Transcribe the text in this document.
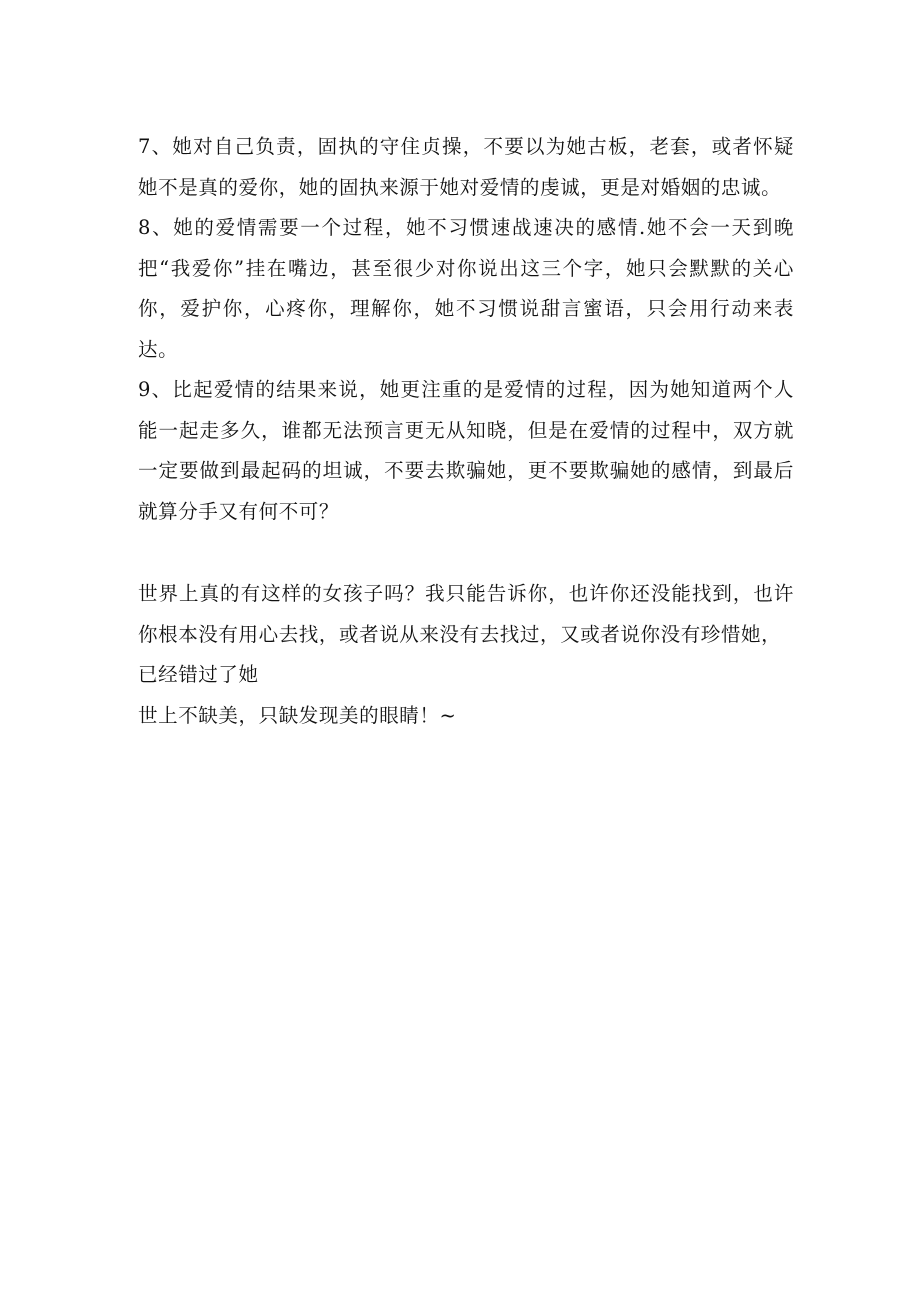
7、她对自己负责，固执的守住贞操，不要以为她古板，老套，或者怀疑她不是真的爱你，她的固执来源于她对爱情的虔诚，更是对婚姻的忠诚。

8、她的爱情需要一个过程，她不习惯速战速决的感情.她不会一天到晚把“我爱你”挂在嘴边，甚至很少对你说出这三个字，她只会默默的关心你，爱护你，心疼你，理解你，她不习惯说甜言蜜语，只会用行动来表达。

9、比起爱情的结果来说，她更注重的是爱情的过程，因为她知道两个人能一起走多久，谁都无法预言更无从知晓，但是在爱情的过程中，双方就一定要做到最起码的坦诚，不要去欺骗她，更不要欺骗她的感情，到最后就算分手又有何不可？

世界上真的有这样的女孩子吗？我只能告诉你，也许你还没能找到，也许你根本没有用心去找，或者说从来没有去找过，又或者说你没有珍惜她，

已经错过了她

世上不缺美，只缺发现美的眼睛！~
